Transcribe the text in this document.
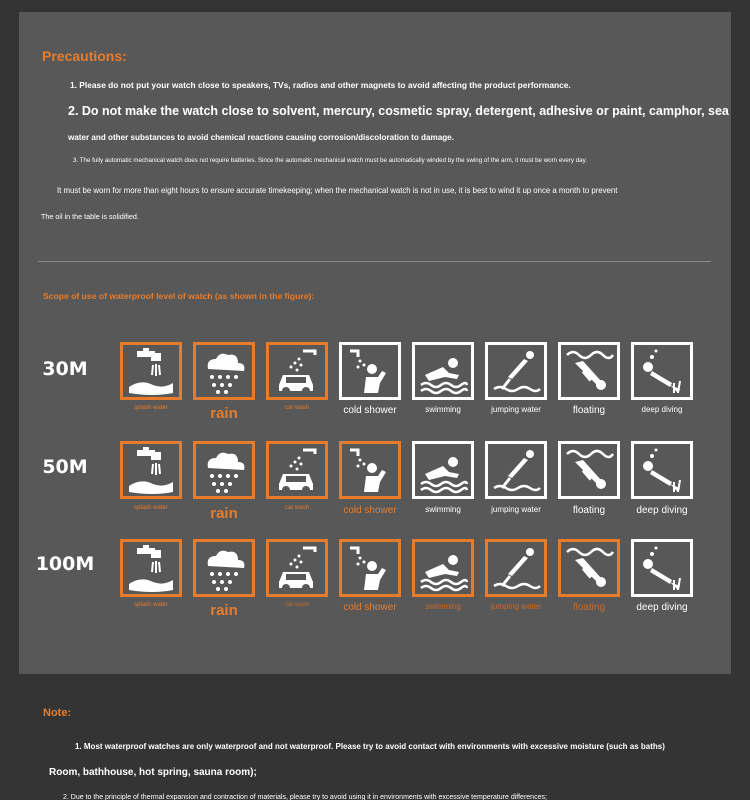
Precautions:
1. Please do not put your watch close to speakers, TVs, radios and other magnets to avoid affecting the product performance.
2. Do not make the watch close to solvent, mercury, cosmetic spray, detergent, adhesive or paint, camphor, sea
water and other substances to avoid chemical reactions causing corrosion/discoloration to damage.
3. The fully automatic mechanical watch does not require batteries. Since the automatic mechanical watch must be automatically winded by the swing of the arm, it must be worn every day.
It must be worn for more than eight hours to ensure accurate timekeeping; when the mechanical watch is not in use, it is best to wind it up once a month to prevent
The oil in the table is solidified.
Scope of use of waterproof level of watch (as shown in the figure):
30M
splash water	rain	car wash	cold shower	swimming	jumping water	floating	deep diving
50M
splash water	rain	car wash	cold shower	swimming	jumping water	floating	deep diving
100M
splash water	rain	car wash	cold shower	swimming	jumping water	floating	deep diving
Note:
1. Most waterproof watches are only waterproof and not waterproof. Please try to avoid contact with environments with excessive moisture (such as baths)
Room, bathhouse, hot spring, sauna room);
2. Due to the principle of thermal expansion and contraction of materials, please try to avoid using it in environments with excessive temperature differences;
